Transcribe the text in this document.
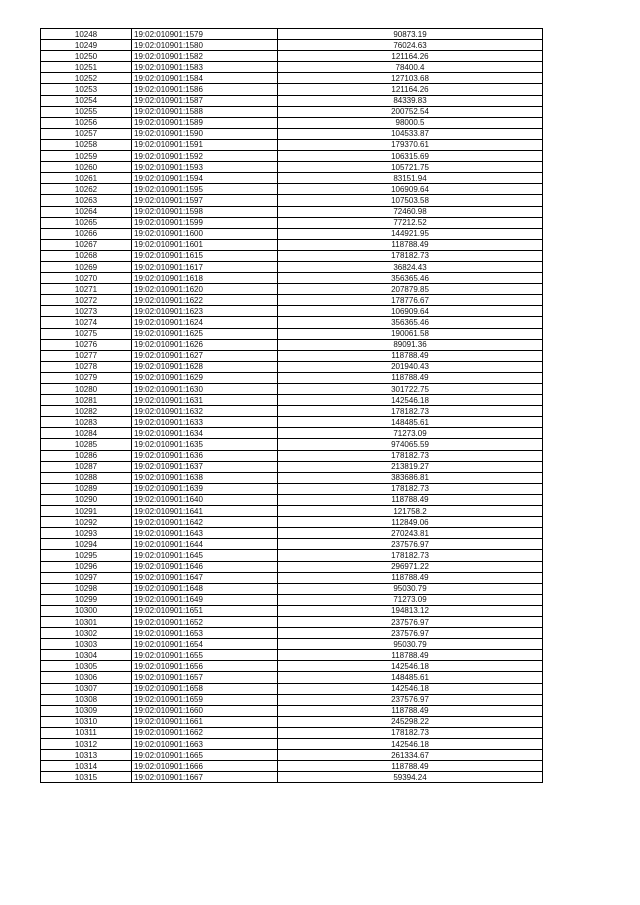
10248	19:02:010901:1579	90873.19
10249	19:02:010901:1580	76024.63
10250	19:02:010901:1582	121164.26
10251	19:02:010901:1583	78400.4
10252	19:02:010901:1584	127103.68
10253	19:02:010901:1586	121164.26
10254	19:02:010901:1587	84339.83
10255	19:02:010901:1588	200752.54
10256	19:02:010901:1589	98000.5
10257	19:02:010901:1590	104533.87
10258	19:02:010901:1591	179370.61
10259	19:02:010901:1592	106315.69
10260	19:02:010901:1593	105721.75
10261	19:02:010901:1594	83151.94
10262	19:02:010901:1595	106909.64
10263	19:02:010901:1597	107503.58
10264	19:02:010901:1598	72460.98
10265	19:02:010901:1599	77212.52
10266	19:02:010901:1600	144921.95
10267	19:02:010901:1601	118788.49
10268	19:02:010901:1615	178182.73
10269	19:02:010901:1617	36824.43
10270	19:02:010901:1618	356365.46
10271	19:02:010901:1620	207879.85
10272	19:02:010901:1622	178776.67
10273	19:02:010901:1623	106909.64
10274	19:02:010901:1624	356365.46
10275	19:02:010901:1625	190061.58
10276	19:02:010901:1626	89091.36
10277	19:02:010901:1627	118788.49
10278	19:02:010901:1628	201940.43
10279	19:02:010901:1629	118788.49
10280	19:02:010901:1630	301722.75
10281	19:02:010901:1631	142546.18
10282	19:02:010901:1632	178182.73
10283	19:02:010901:1633	148485.61
10284	19:02:010901:1634	71273.09
10285	19:02:010901:1635	974065.59
10286	19:02:010901:1636	178182.73
10287	19:02:010901:1637	213819.27
10288	19:02:010901:1638	383686.81
10289	19:02:010901:1639	178182.73
10290	19:02:010901:1640	118788.49
10291	19:02:010901:1641	121758.2
10292	19:02:010901:1642	112849.06
10293	19:02:010901:1643	270243.81
10294	19:02:010901:1644	237576.97
10295	19:02:010901:1645	178182.73
10296	19:02:010901:1646	296971.22
10297	19:02:010901:1647	118788.49
10298	19:02:010901:1648	95030.79
10299	19:02:010901:1649	71273.09
10300	19:02:010901:1651	194813.12
10301	19:02:010901:1652	237576.97
10302	19:02:010901:1653	237576.97
10303	19:02:010901:1654	95030.79
10304	19:02:010901:1655	118788.49
10305	19:02:010901:1656	142546.18
10306	19:02:010901:1657	148485.61
10307	19:02:010901:1658	142546.18
10308	19:02:010901:1659	237576.97
10309	19:02:010901:1660	118788.49
10310	19:02:010901:1661	245298.22
10311	19:02:010901:1662	178182.73
10312	19:02:010901:1663	142546.18
10313	19:02:010901:1665	261334.67
10314	19:02:010901:1666	118788.49
10315	19:02:010901:1667	59394.24
